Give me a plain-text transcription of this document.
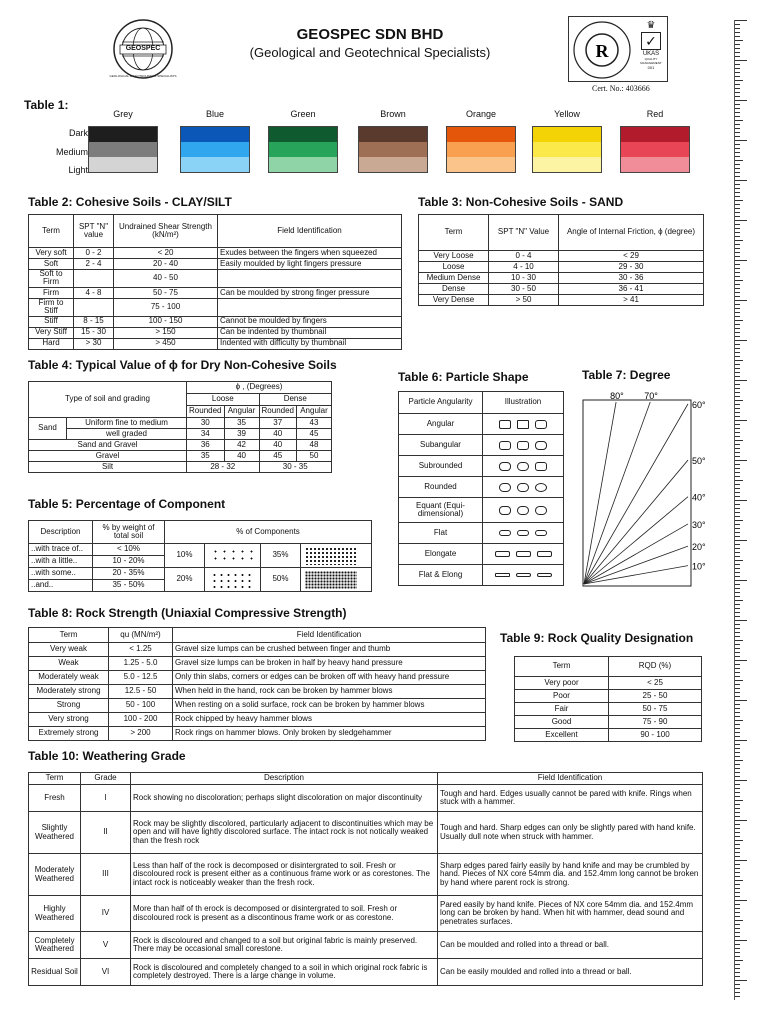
GEOSPEC
GEOLOGICAL & GEOTECHNICAL SPECIALISTS
GEOSPEC SDN BHD
(Geological and Geotechnical Specialists)	R
♛
✓
UKAS
QUALITY MANAGEMENT
001
Cert. No.: 403666
Table 1:
Dark
Medium
Light
Grey	Blue	Green	Brown	Orange	Yellow	Red
Table 2: Cohesive Soils - CLAY/SILT
Term	SPT "N" value	Undrained Shear Strength (kN/m²)	Field Identification
Very soft	0 - 2	< 20	Exudes between the fingers when squeezed
Soft	2 - 4	20 - 40	Easily moulded by light fingers pressure
Soft to Firm		40 - 50	
Firm	4 - 8	50 - 75	Can be moulded by strong finger pressure
Firm to Stiff		75 - 100	
Stiff	8 - 15	100 - 150	Cannot be moulded by fingers
Very Stiff	15 - 30	> 150	Can be indented by thumbnail
Hard	> 30	> 450	Indented with difficulty by thumbnail
Table 3: Non-Cohesive Soils - SAND
Term	SPT "N" Value	Angle of Internal Friction, ϕ (degree)
Very Loose	0 - 4	< 29
Loose	4 - 10	29 - 30
Medium Dense	10 - 30	30 - 36
Dense	30 - 50	36 - 41
Very Dense	> 50	> 41
Table 4: Typical Value of ϕ for Dry Non-Cohesive Soils
Type of soil and grading		ϕ , (Degrees)			
		Loose		Dense	
		Rounded	Angular	Rounded	Angular
Sand	Uniform fine to medium	30	35	37	43
	well graded	34	39	40	45
Sand and Gravel		36	42	40	48
Gravel		35	40	45	50
Silt		28 - 32		30 - 35	
Table 5: Percentage of Component
Description	% by weight of total soil	% of Components			
..with trace of..	< 10%	10%		35%	

..with a little..	10 - 20%				
..with some..	20 - 35%	20%		50%	

..and..	35 - 50%				
Table 6: Particle Shape
Particle Angularity	Illustration
Angular	
Subangular	
Subrounded	
Rounded	
Equant (Equi-dimensional)	
Flat	
Elongate	
Flat & Elong	
Table 7: Degree
80° 70°
60°
50°
40°
30°
20°
10°
Table 8: Rock Strength (Uniaxial Compressive Strength)
Term	qu (MN/m²)	Field Identification
Very weak	< 1.25	Gravel size lumps can be crushed between finger and thumb
Weak	1.25 - 5.0	Gravel size lumps can be broken in half by heavy hand pressure
Moderately weak	5.0 - 12.5	Only thin slabs, corners or edges can be broken off with heavy hand pressure
Moderately strong	12.5 - 50	When held in the hand, rock can be broken by hammer blows
Strong	50 - 100	When resting on a solid surface, rock can be broken by hammer blows
Very strong	100 - 200	Rock chipped by heavy hammer blows
Extremely strong	> 200	Rock rings on hammer blows. Only broken by sledgehammer
Table 9: Rock Quality Designation
Term	RQD (%)
Very poor	< 25
Poor	25 - 50
Fair	50 - 75
Good	75 - 90
Excellent	90 - 100
Table 10: Weathering Grade
Term	Grade	Description	Field Identification
Fresh	I	Rock showing no discoloration; perhaps slight discoloration on major discontinuity	Tough and hard. Edges usually cannot be pared with knife. Rings when stuck with a hammer.
Slightly Weathered	II	Rock may be slightly discolored, particularly adjacent to discontinuities which may be open and will have lightly discolored surface. The intact rock is not notically weaked than the fresh rock	Tough and hard. Sharp edges can only be slightly pared with hand knife. Usually dull note when struck with hammer.
Moderately Weathered	III	Less than half of the rock is decomposed or disintergrated to soil. Fresh or discoloured rock is present either as a continuous frame work or as corestones. The intact rock is noticeably weaker than the fresh rock.	Sharp edges pared fairly easily by hand knife and may be crumbled by hand. Pieces of NX core 54mm dia. and 152.4mm long cannot be broken by hand where parent rock is strong.
Highly Weathered	IV	More than half of th erock is decomposed or disintergrated to soil. Fresh or discoloured rock is present as a discontinous frame work or as corestone.	Pared easily by hand knife. Pieces of NX core 54mm dia. and 152.4mm long can be broken by hand. When hit with hammer, dead sound and penetrates surfaces.
Completely Weathered	V	Rock is discoloured and changed to a soil but original fabric is mainly preserved. There may be occasional small corestone.	Can be moulded and rolled into a thread or ball.
Residual Soil	VI	Rock is discoloured and completely changed to a soil in which original rock fabric is completely destroyed. There is a large change in volume.	Can be easily moulded and rolled into a thread or ball.
